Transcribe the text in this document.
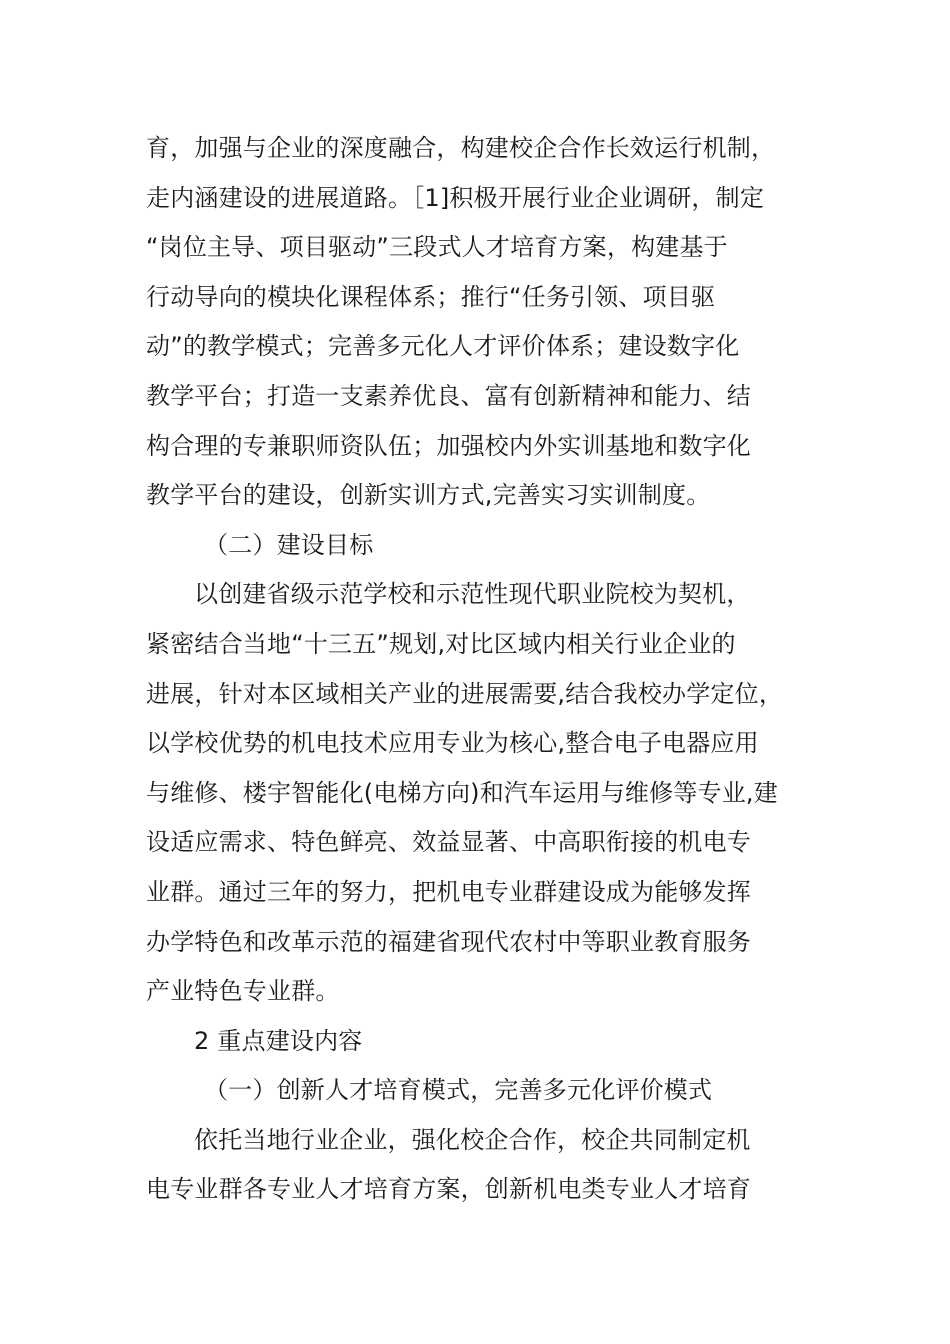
育，加强与企业的深度融合，构建校企合作长效运行机制，
走内涵建设的进展道路。［1]积极开展行业企业调研，制定
“岗位主导、项目驱动”三段式人才培育方案，构建基于
行动导向的模块化课程体系；推行“任务引领、项目驱
动”的教学模式；完善多元化人才评价体系；建设数字化
教学平台；打造一支素养优良、富有创新精神和能力、结
构合理的专兼职师资队伍；加强校内外实训基地和数字化
教学平台的建设，创新实训方式,完善实习实训制度。
（二）建设目标
以创建省级示范学校和示范性现代职业院校为契机，
紧密结合当地“十三五”规划,对比区域内相关行业企业的
进展，针对本区域相关产业的进展需要,结合我校办学定位，
以学校优势的机电技术应用专业为核心,整合电子电器应用
与维修、楼宇智能化(电梯方向)和汽车运用与维修等专业,建
设适应需求、特色鲜亮、效益显著、中高职衔接的机电专
业群。通过三年的努力，把机电专业群建设成为能够发挥
办学特色和改革示范的福建省现代农村中等职业教育服务
产业特色专业群。
2 重点建设内容
（一）创新人才培育模式，完善多元化评价模式
依托当地行业企业，强化校企合作，校企共同制定机
电专业群各专业人才培育方案，创新机电类专业人才培育
